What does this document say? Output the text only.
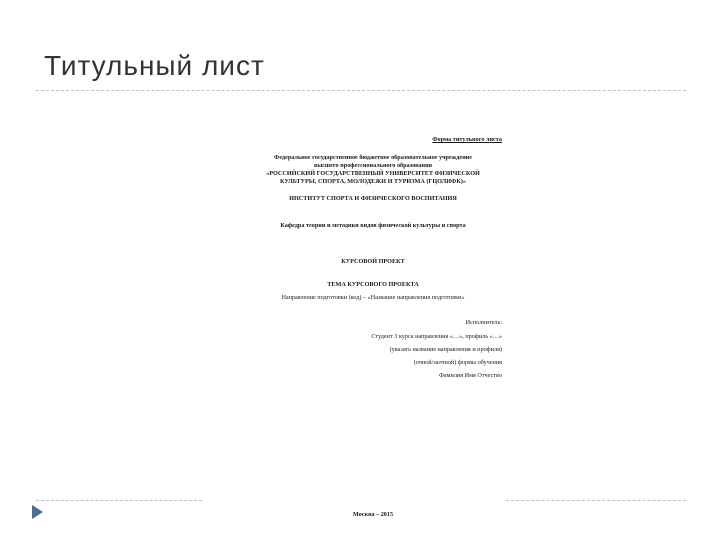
Титульный лист
Форма титульного листа
Федеральное государственное бюджетное образовательное учреждение
высшего профессионального образования
«РОССИЙСКИЙ ГОСУДАРСТВЕННЫЙ УНИВЕРСИТЕТ ФИЗИЧЕСКОЙ
КУЛЬТУРЫ, СПОРТА, МОЛОДЕЖИ И ТУРИЗМА (ГЦОЛИФК)»
ИНСТИТУТ СПОРТА И ФИЗИЧЕСКОГО ВОСПИТАНИЯ
Кафедра теории и методики видов физической культуры и спорта
КУРСОВОЙ ПРОЕКТ
ТЕМА КУРСОВОГО ПРОЕКТА
Направление подготовки (код) – «Название направления подготовки»
Исполнитель:
Студент 3 курса направления «…», профиль «…»
(указать название направления и профиля)
(очной/заочной) формы обучения
Фамилия Имя Отчество
Москва – 2015
